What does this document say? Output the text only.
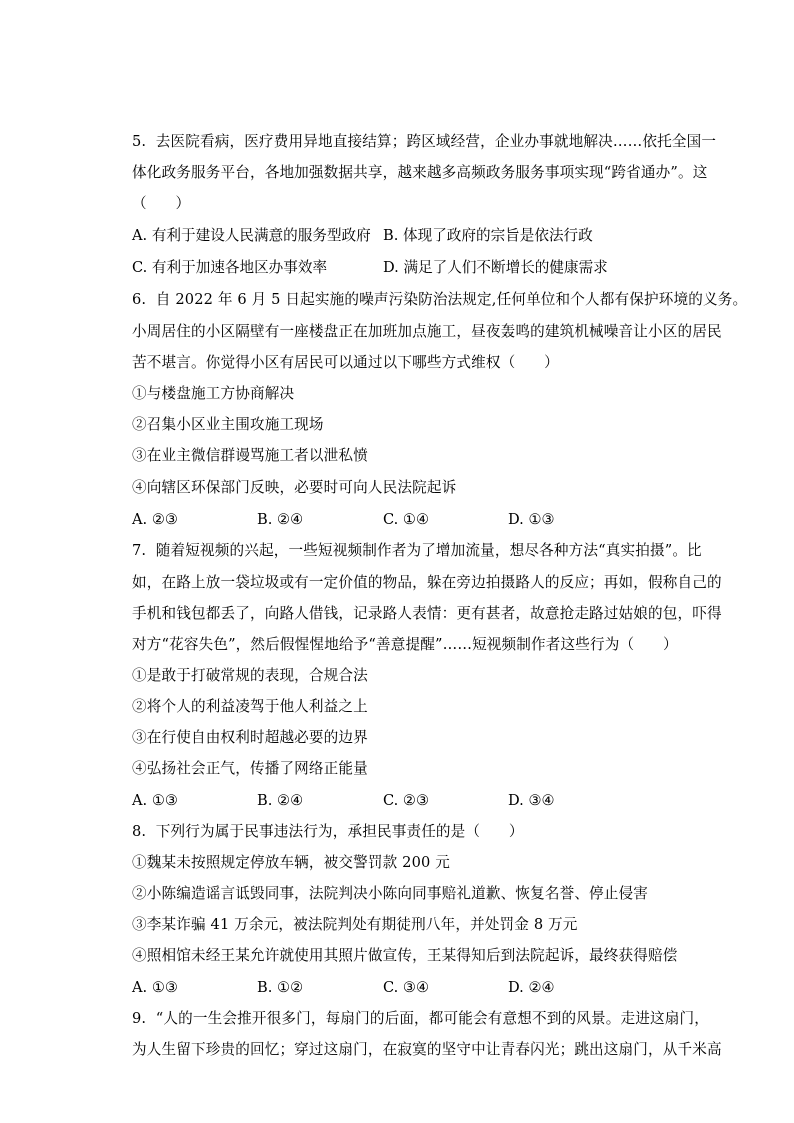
5.  去医院看病，医疗费用异地直接结算；跨区域经营，企业办事就地解决……依托全国一
体化政务服务平台，各地加强数据共享，越来越多高频政务服务事项实现“跨省通办”。这
（      ）
A. 有利于建设人民满意的服务型政府 B. 体现了政府的宗旨是依法行政
C. 有利于加速各地区办事效率	D. 满足了人们不断增长的健康需求
6.  自 2022 年 6 月 5 日起实施的噪声污染防治法规定,任何单位和个人都有保护环境的义务。
小周居住的小区隔壁有一座楼盘正在加班加点施工，昼夜轰鸣的建筑机械噪音让小区的居民
苦不堪言。你觉得小区有居民可以通过以下哪些方式维权（      ）
①与楼盘施工方协商解决
②召集小区业主围攻施工现场
③在业主微信群谩骂施工者以泄私愤
④向辖区环保部门反映，必要时可向人民法院起诉
A. ②③	B. ②④	C. ①④	D. ①③
7.  随着短视频的兴起，一些短视频制作者为了增加流量，想尽各种方法“真实拍摄”。比
如，在路上放一袋垃圾或有一定价值的物品，躲在旁边拍摄路人的反应；再如，假称自己的
手机和钱包都丢了，向路人借钱，记录路人表情：更有甚者，故意抢走路过姑娘的包，吓得
对方“花容失色”，然后假惺惺地给予“善意提醒”……短视频制作者这些行为（      ）
①是敢于打破常规的表现，合规合法
②将个人的利益凌驾于他人利益之上
③在行使自由权利时超越必要的边界
④弘扬社会正气，传播了网络正能量
A. ①③	B. ②④	C. ②③	D. ③④
8.  下列行为属于民事违法行为，承担民事责任的是（      ）
①魏某未按照规定停放车辆，被交警罚款 200 元
②小陈编造谣言诋毁同事，法院判决小陈向同事赔礼道歉、恢复名誉、停止侵害
③李某诈骗 41 万余元，被法院判处有期徒刑八年，并处罚金 8 万元
④照相馆未经王某允许就使用其照片做宣传，王某得知后到法院起诉，最终获得赔偿
A. ①③	B. ①②	C. ③④	D. ②④
9.  “人的一生会推开很多门，每扇门的后面，都可能会有意想不到的风景。走进这扇门，
为人生留下珍贵的回忆；穿过这扇门，在寂寞的坚守中让青春闪光；跳出这扇门，从千米高
